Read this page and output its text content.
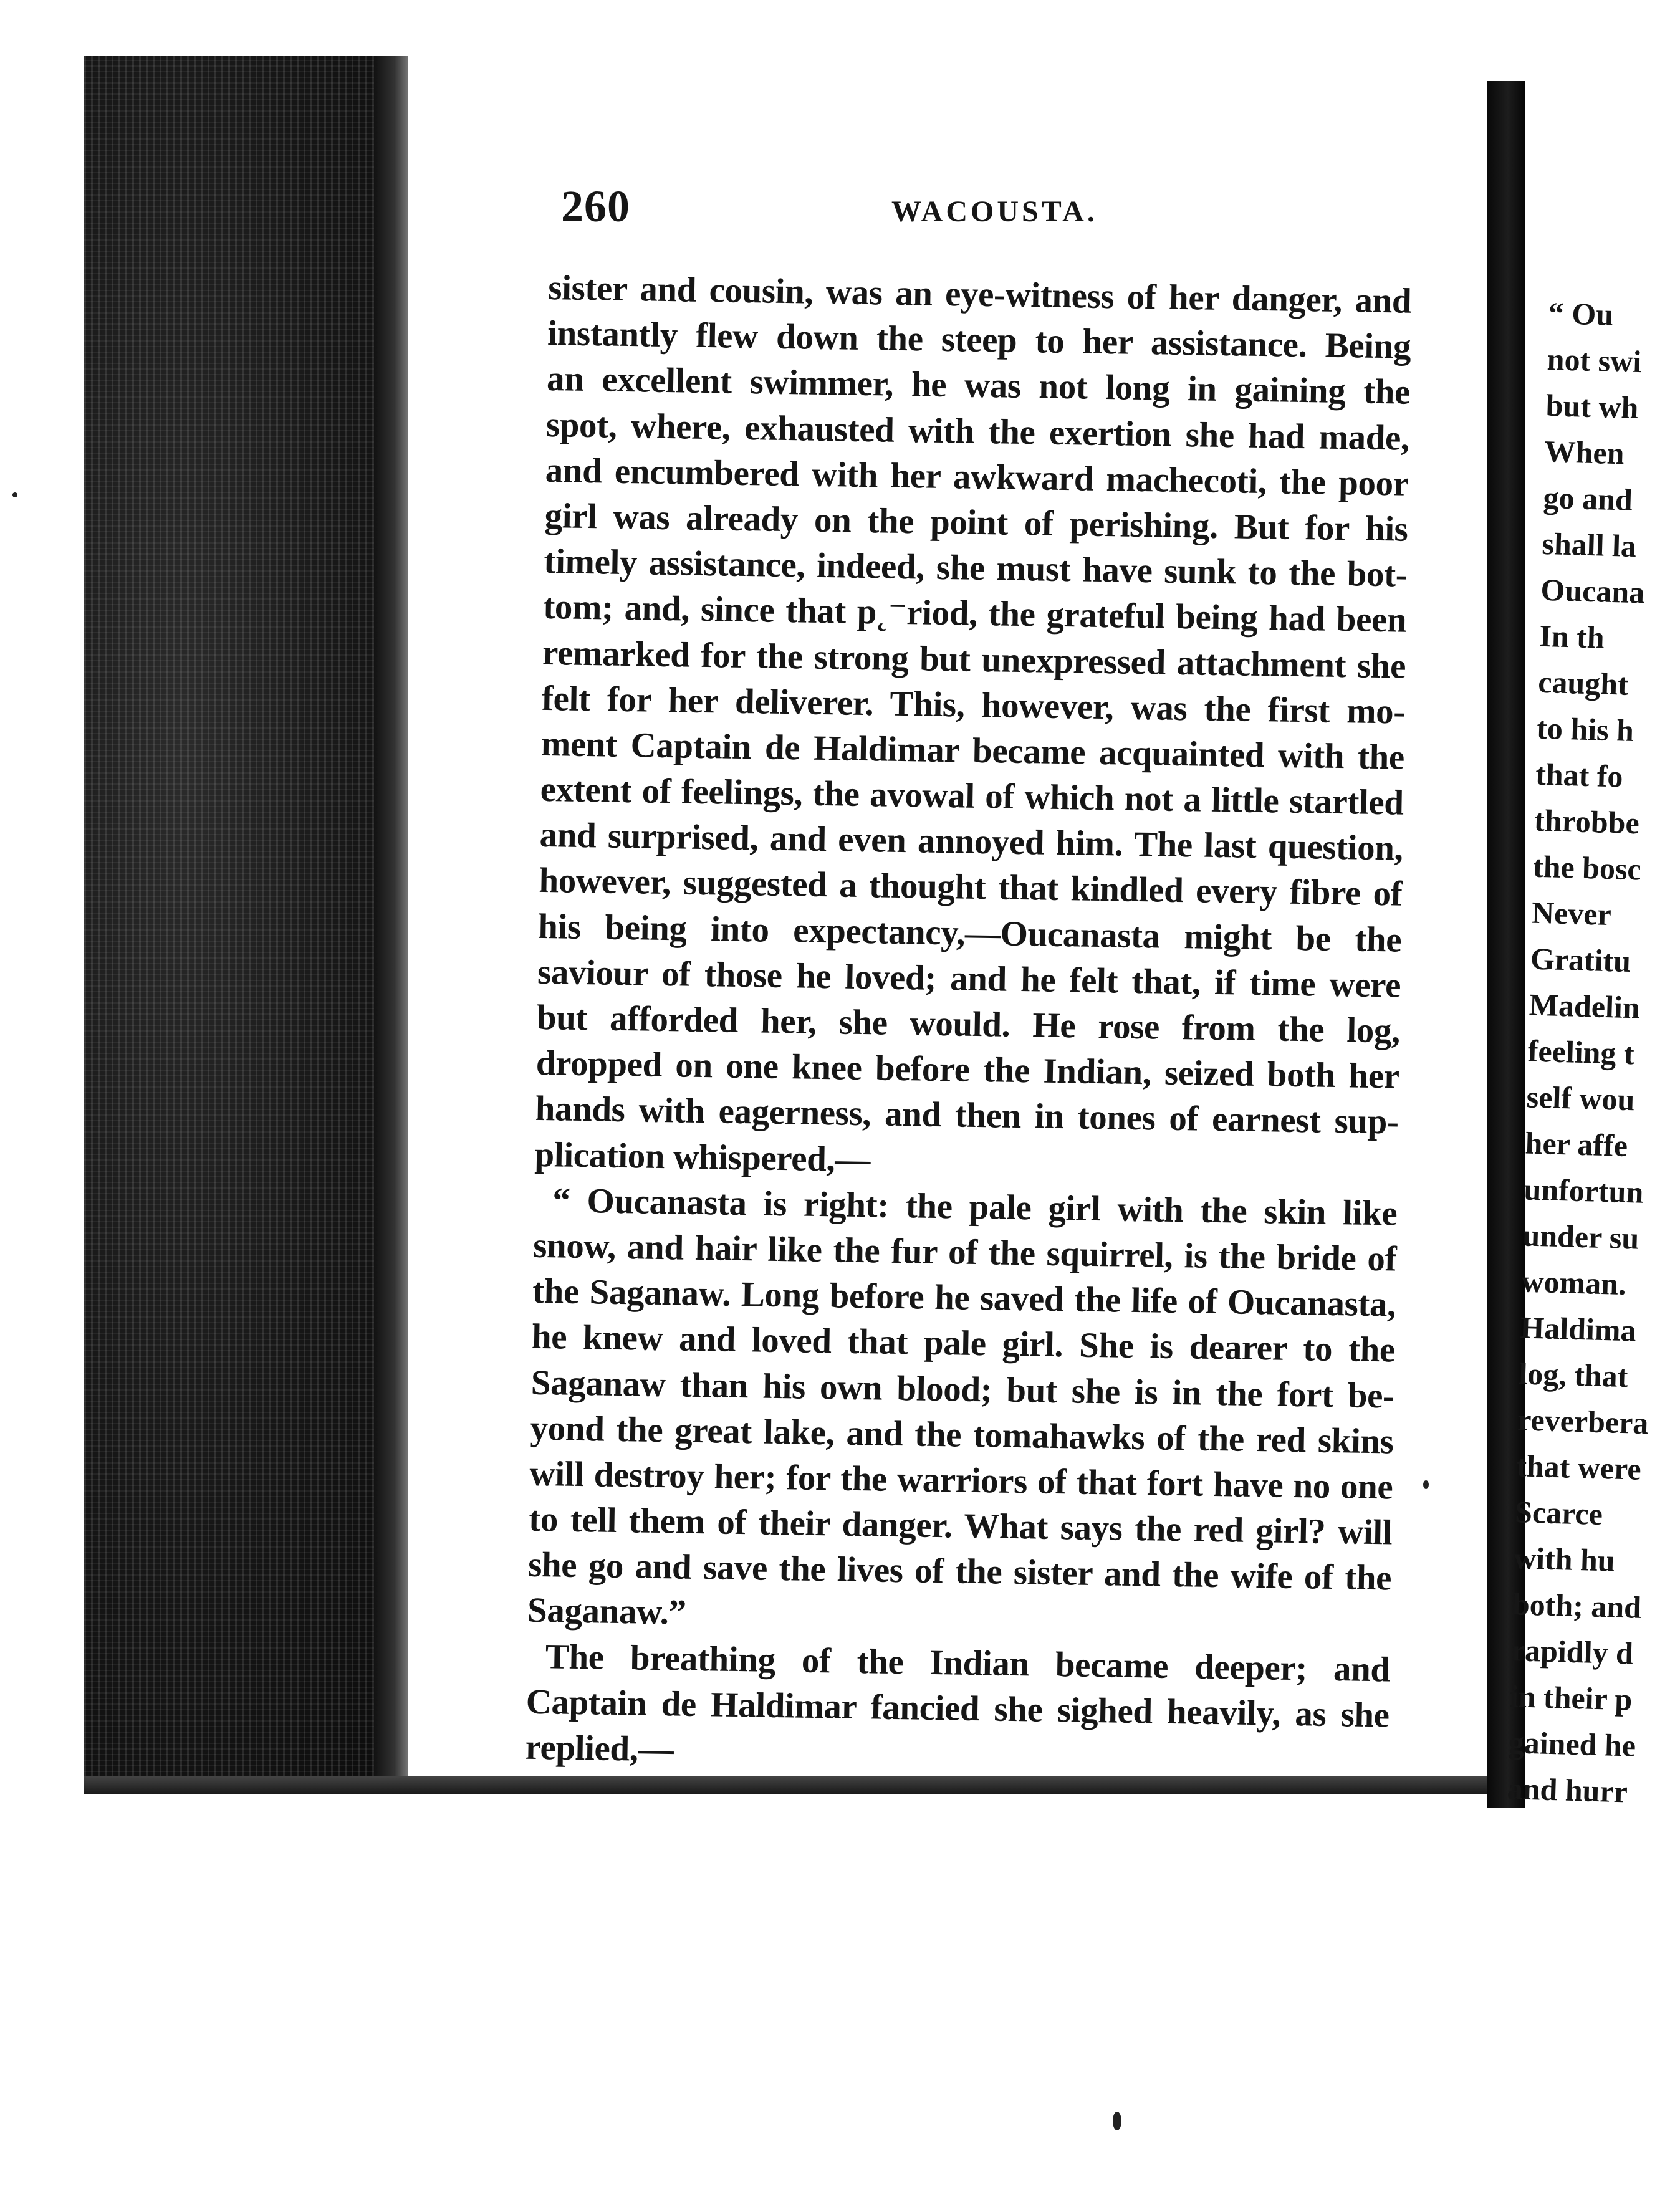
260	WACOUSTA.
sister and cousin, was an eye-witness of her danger, and
instantly flew down the steep to her assistance. Being
an excellent swimmer, he was not long in gaining the
spot, where, exhausted with the exertion she had made,
and encumbered with her awkward machecoti, the poor
girl was already on the point of perishing. But for his
timely assistance, indeed, she must have sunk to the bot-
tom; and, since that p˛⁻riod, the grateful being had been
remarked for the strong but unexpressed attachment she
felt for her deliverer. This, however, was the first mo-
ment Captain de Haldimar became acquainted with the
extent of feelings, the avowal of which not a little startled
and surprised, and even annoyed him. The last question,
however, suggested a thought that kindled every fibre of
his being into expectancy,—Oucanasta might be the
saviour of those he loved; and he felt that, if time were
but afforded her, she would. He rose from the log,
dropped on one knee before the Indian, seized both her
hands with eagerness, and then in tones of earnest sup-
plication whispered,—
“ Oucanasta is right: the pale girl with the skin like
snow, and hair like the fur of the squirrel, is the bride of
the Saganaw. Long before he saved the life of Oucanasta,
he knew and loved that pale girl. She is dearer to the
Saganaw than his own blood; but she is in the fort be-
yond the great lake, and the tomahawks of the red skins
will destroy her; for the warriors of that fort have no one
to tell them of their danger. What says the red girl? will
she go and save the lives of the sister and the wife of the
Saganaw.”
The breathing of the Indian became deeper; and
Captain de Haldimar fancied she sighed heavily, as she
replied,—
“ Ou
not swi
but wh
When
go and
shall la
Oucana
In th
caught
to his h
that fo
throbbe
the bosc
Never
Gratitu
Madelin
feeling t
self wou
her affe
unfortun
under su
woman.
Haldima
log, that
reverbera
that were
Scarce
with hu
both; and
rapidly d
in their p
gained he
and hurr
